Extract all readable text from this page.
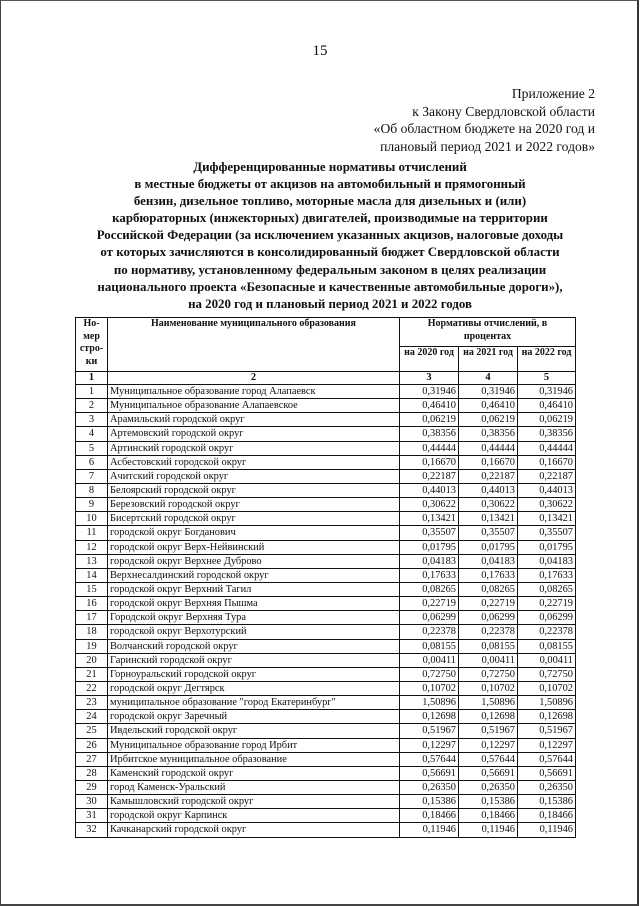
15
Приложение 2
к Закону Свердловской области
«Об областном бюджете на 2020 год и
плановый период 2021 и 2022 годов»
Дифференцированные нормативы отчислений
в местные бюджеты от акцизов на автомобильный и прямогонный
бензин, дизельное топливо, моторные масла для дизельных и (или)
карбюраторных (инжекторных) двигателей, производимые на территории
Российской Федерации (за исключением указанных акцизов, налоговые доходы
от которых зачисляются в консолидированный бюджет Свердловской области
по нормативу, установленному федеральным законом в целях реализации
национального проекта «Безопасные и качественные автомобильные дороги»),
на 2020 год и плановый период 2021 и 2022 годов
Но-
мер
стро-
ки	Наименование муниципального образования	Нормативы отчислений, в процентах		

		на 2020 год	на 2021 год	на 2022 год
1	2	3	4	5
1	Муниципальное образование город Алапаевск	0,31946	0,31946	0,31946
2	Муниципальное образование Алапаевское	0,46410	0,46410	0,46410
3	Арамильский городской округ	0,06219	0,06219	0,06219
4	Артемовский городской округ	0,38356	0,38356	0,38356
5	Артинский городской округ	0,44444	0,44444	0,44444
6	Асбестовский городской округ	0,16670	0,16670	0,16670
7	Ачитский городской округ	0,22187	0,22187	0,22187
8	Белоярский городской округ	0,44013	0,44013	0,44013
9	Березовский городской округ	0,30622	0,30622	0,30622
10	Бисертский городской округ	0,13421	0,13421	0,13421
11	городской округ Богданович	0,35507	0,35507	0,35507
12	городской округ Верх-Нейвинский	0,01795	0,01795	0,01795
13	городской округ Верхнее Дуброво	0,04183	0,04183	0,04183
14	Верхнесалдинский городской округ	0,17633	0,17633	0,17633
15	городской округ Верхний Тагил	0,08265	0,08265	0,08265
16	городской округ Верхняя Пышма	0,22719	0,22719	0,22719
17	Городской округ Верхняя Тура	0,06299	0,06299	0,06299
18	городской округ Верхотурский	0,22378	0,22378	0,22378
19	Волчанский городской округ	0,08155	0,08155	0,08155
20	Гаринский городской округ	0,00411	0,00411	0,00411
21	Горноуральский городской округ	0,72750	0,72750	0,72750
22	городской округ Дегтярск	0,10702	0,10702	0,10702
23	муниципальное образование "город Екатеринбург"	1,50896	1,50896	1,50896
24	городской округ Заречный	0,12698	0,12698	0,12698
25	Ивдельский городской округ	0,51967	0,51967	0,51967
26	Муниципальное образование город Ирбит	0,12297	0,12297	0,12297
27	Ирбитское муниципальное образование	0,57644	0,57644	0,57644
28	Каменский городской округ	0,56691	0,56691	0,56691
29	город Каменск-Уральский	0,26350	0,26350	0,26350
30	Камышловский городской округ	0,15386	0,15386	0,15386
31	городской округ Карпинск	0,18466	0,18466	0,18466
32	Качканарский городской округ	0,11946	0,11946	0,11946
